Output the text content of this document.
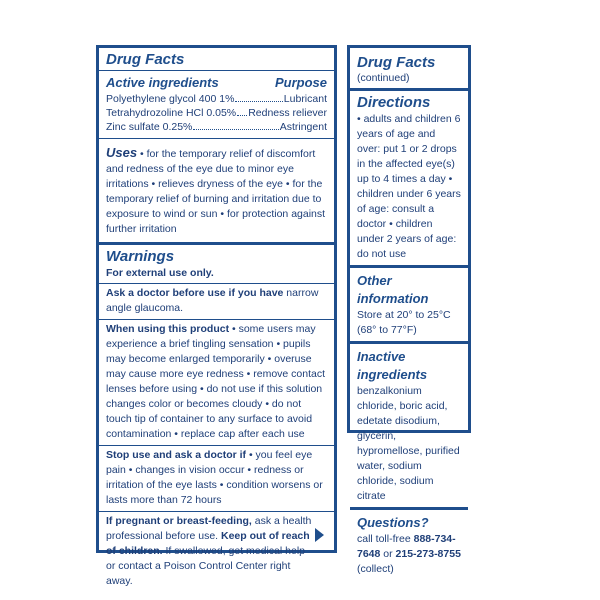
Drug Facts
Active ingredients	Purpose
Polyethylene glycol 400 1%	Lubricant
Tetrahydrozoline HCl 0.05% Redness reliever
Zinc sulfate 0.25%	Astringent
Uses • for the temporary relief of discomfort and redness of the eye due to minor eye irritations • relieves dryness of the eye • for the temporary relief of burning and irritation due to exposure to wind or sun • for protection against further irritation
Warnings
For external use only.
Ask a doctor before use if you have narrow angle glaucoma.
When using this product • some users may experience a brief tingling sensation • pupils may become enlarged temporarily • overuse may cause more eye redness • remove contact lenses before using • do not use if this solution changes color or becomes cloudy • do not touch tip of container to any surface to avoid contamination • replace cap after each use
Stop use and ask a doctor if • you feel eye pain • changes in vision occur • redness or irritation of the eye lasts • condition worsens or lasts more than 72 hours
If pregnant or breast-feeding, ask a health professional before use. Keep out of reach of children. If swallowed, get medical help or contact a Poison Control Center right away.
Drug Facts
(continued)
Directions
• adults and children 6 years of age and over: put 1 or 2 drops in the affected eye(s) up to 4 times a day • children under 6 years of age: consult a doctor • children under 2 years of age: do not use
Other information
Store at 20° to 25°C (68° to 77°F)
Inactive ingredients
benzalkonium chloride, boric acid, edetate disodium, glycerin, hypromellose, purified water, sodium chloride, sodium citrate
Questions?
call toll-free 888-734-7648 or 215-273-8755 (collect)
